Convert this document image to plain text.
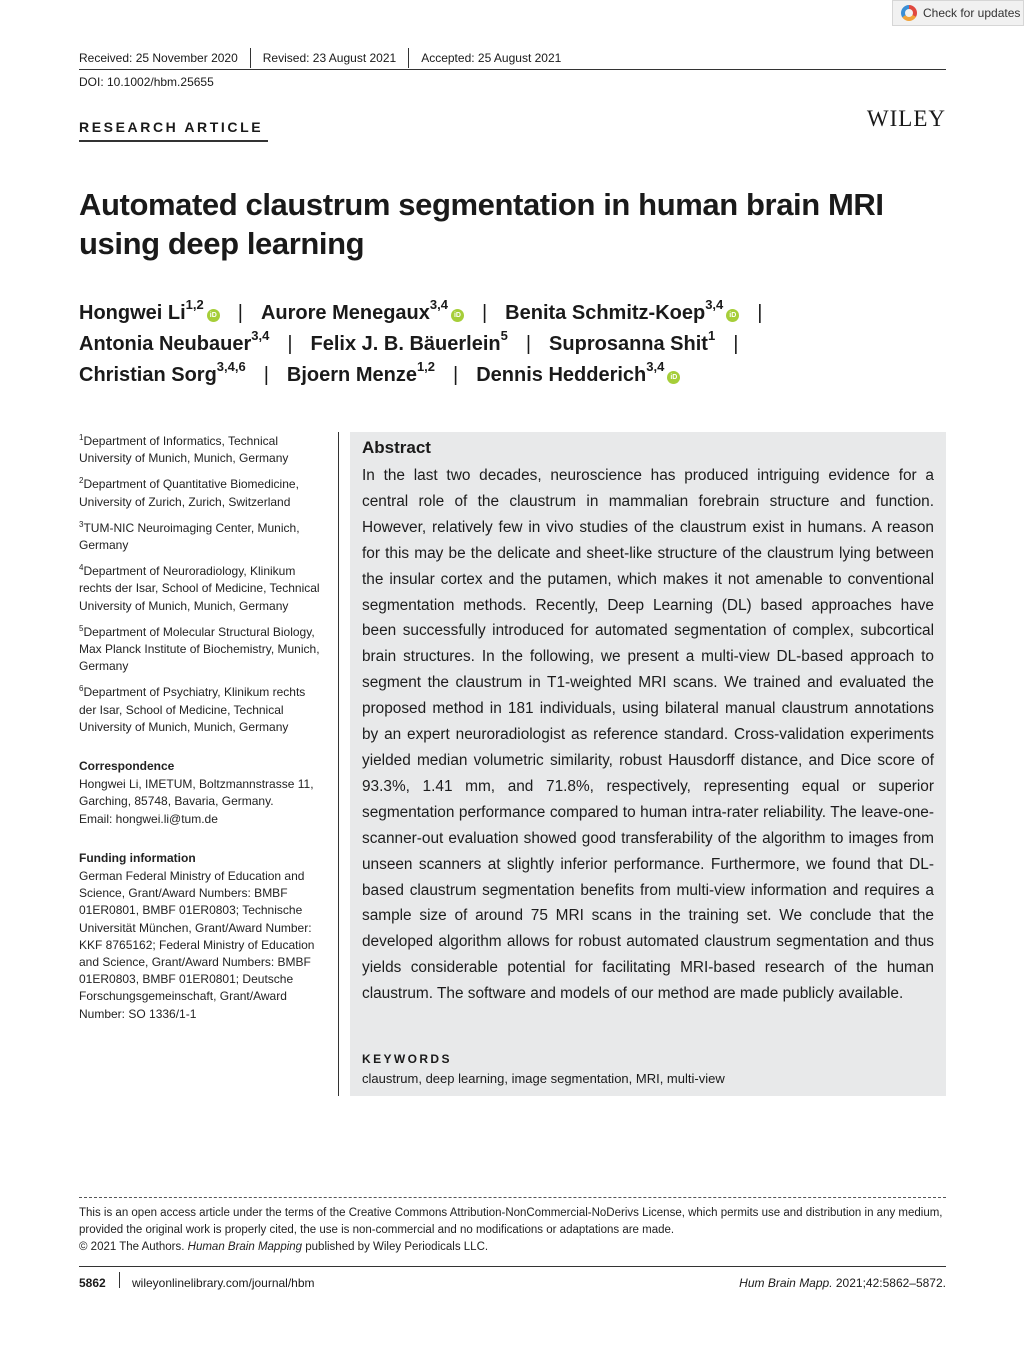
Check for updates
Received: 25 November 2020	Revised: 23 August 2021	Accepted: 25 August 2021
DOI: 10.1002/hbm.25655
RESEARCH ARTICLE	WILEY
Automated claustrum segmentation in human brain MRI using deep learning
Hongwei Li$^{1,2}$iD | Aurore Menegaux$^{3,4}$iD | Benita Schmitz-Koep$^{3,4}$iD |
Antonia Neubauer$^{3,4}$ | Felix J. B. Bäuerlein$^5$ | Suprosanna Shit$^1$ |
Christian Sorg$^{3,4,6}$ | Bjoern Menze$^{1,2}$ | Dennis Hedderich$^{3,4}$iD
$^1$Department of Informatics, Technical University of Munich, Munich, Germany
$^2$Department of Quantitative Biomedicine, University of Zurich, Zurich, Switzerland
$^3$TUM-NIC Neuroimaging Center, Munich, Germany
$^4$Department of Neuroradiology, Klinikum rechts der Isar, School of Medicine, Technical University of Munich, Munich, Germany
$^5$Department of Molecular Structural Biology, Max Planck Institute of Biochemistry, Munich, Germany
$^6$Department of Psychiatry, Klinikum rechts der Isar, School of Medicine, Technical University of Munich, Munich, Germany
Correspondence

Hongwei Li, IMETUM, Boltzmannstrasse 11, Garching, 85748, Bavaria, Germany.

Email: hongwei.li@tum.de

Funding information

German Federal Ministry of Education and Science, Grant/Award Numbers: BMBF 01ER0801, BMBF 01ER0803; Technische Universität München, Grant/Award Number: KKF 8765162; Federal Ministry of Education and Science, Grant/Award Numbers: BMBF 01ER0803, BMBF 01ER0801; Deutsche Forschungsgemeinschaft, Grant/Award Number: SO 1336/1-1

Abstract
In the last two decades, neuroscience has produced intriguing evidence for a central role of the claustrum in mammalian forebrain structure and function. However, relatively few in vivo studies of the claustrum exist in humans. A reason for this may be the delicate and sheet-like structure of the claustrum lying between the insular cortex and the putamen, which makes it not amenable to conventional segmentation methods. Recently, Deep Learning (DL) based approaches have been successfully introduced for automated segmentation of complex, subcortical brain structures. In the following, we present a multi-view DL-based approach to segment the claustrum in T1-weighted MRI scans. We trained and evaluated the proposed method in 181 individuals, using bilateral manual claustrum annotations by an expert neuroradiologist as reference standard. Cross-validation experiments yielded median volumetric similarity, robust Hausdorff distance, and Dice score of 93.3%, 1.41 mm, and 71.8%, respectively, representing equal or superior segmentation performance compared to human intra-rater reliability. The leave-one-scanner-out evaluation showed good transferability of the algorithm to images from unseen scanners at slightly inferior performance. Furthermore, we found that DL-based claustrum segmentation benefits from multi-view information and requires a sample size of around 75 MRI scans in the training set. We conclude that the developed algorithm allows for robust automated claustrum segmentation and thus yields considerable potential for facilitating MRI-based research of the human claustrum. The software and models of our method are made publicly available.
KEYWORDS
claustrum, deep learning, image segmentation, MRI, multi-view
This is an open access article under the terms of the Creative Commons Attribution-NonCommercial-NoDerivs License, which permits use and distribution in any medium, provided the original work is properly cited, the use is non-commercial and no modifications or adaptations are made.
© 2021 The Authors. Human Brain Mapping published by Wiley Periodicals LLC.
5862 wileyonlinelibrary.com/journal/hbm	Hum Brain Mapp. 2021;42:5862–5872.
